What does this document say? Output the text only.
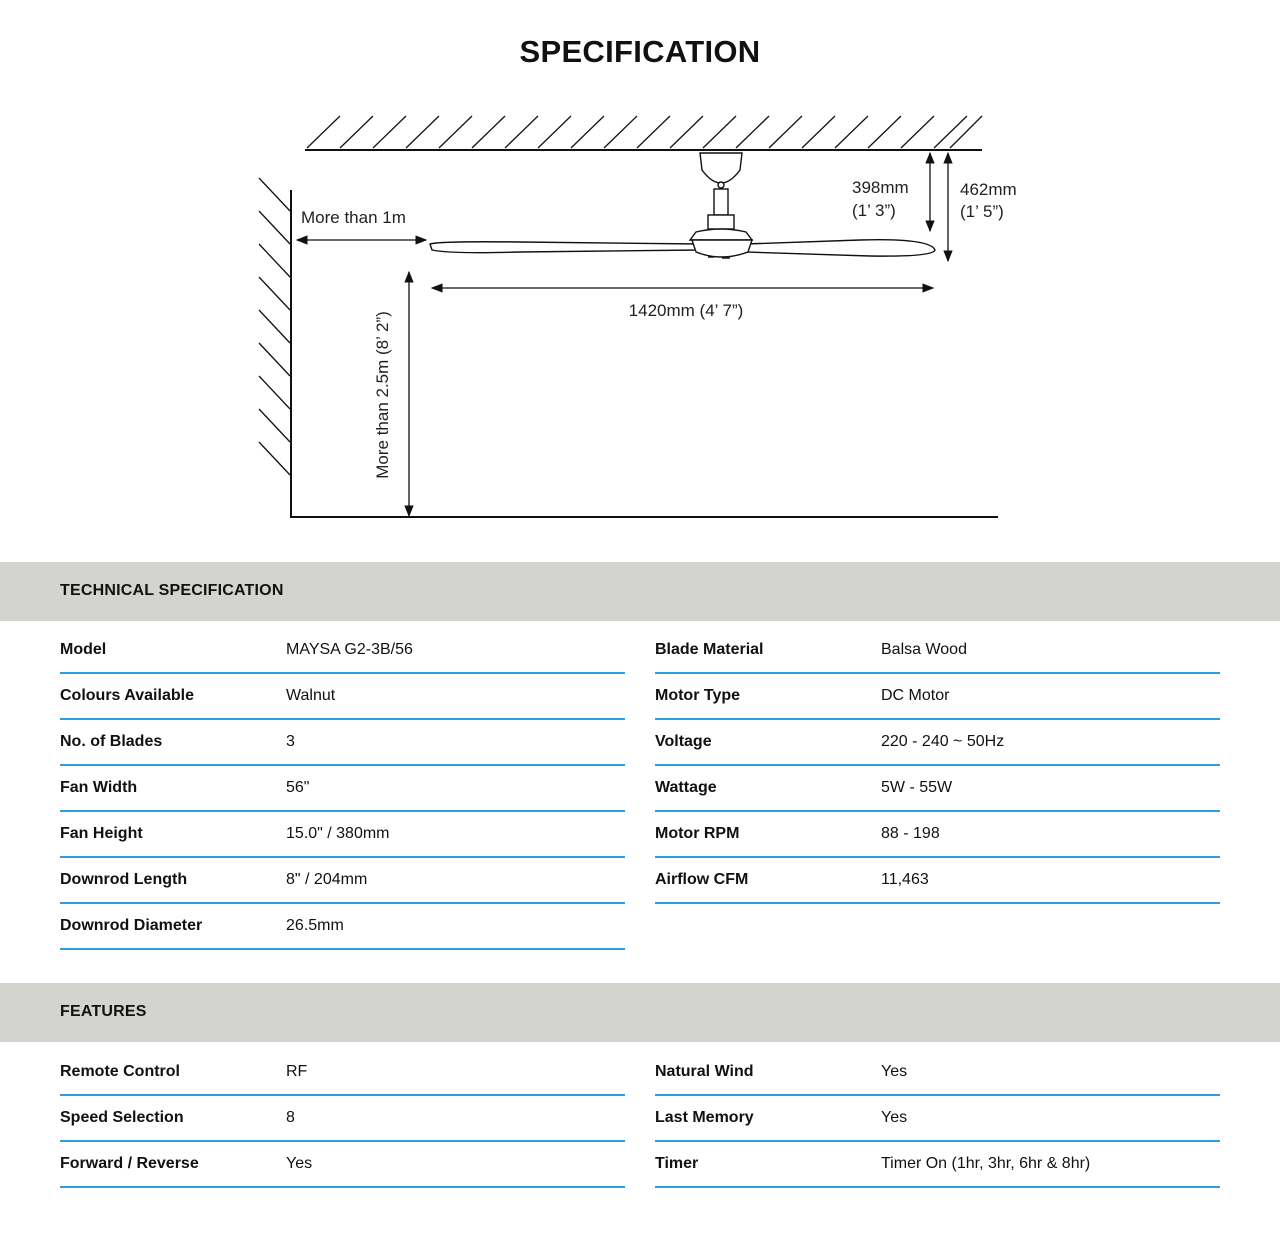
SPECIFICATION
More than 1m
1420mm (4’ 7”)
398mm
(1’ 3”)
462mm
(1’ 5”)
More than 2.5m (8’ 2”)
TECHNICAL SPECIFICATION
Model	MAYSA G2-3B/56
Colours Available	Walnut
No. of Blades	3
Fan Width	56"
Fan Height	15.0" / 380mm
Downrod Length	8" / 204mm
Downrod Diameter	26.5mm
Blade Material	Balsa Wood
Motor Type	DC Motor
Voltage	220 - 240 ~ 50Hz
Wattage	5W - 55W
Motor RPM	88 - 198
Airflow CFM	11,463
FEATURES
Remote Control	RF
Speed Selection	8
Forward / Reverse	Yes
Natural Wind	Yes
Last Memory	Yes
Timer	Timer On (1hr, 3hr, 6hr & 8hr)
